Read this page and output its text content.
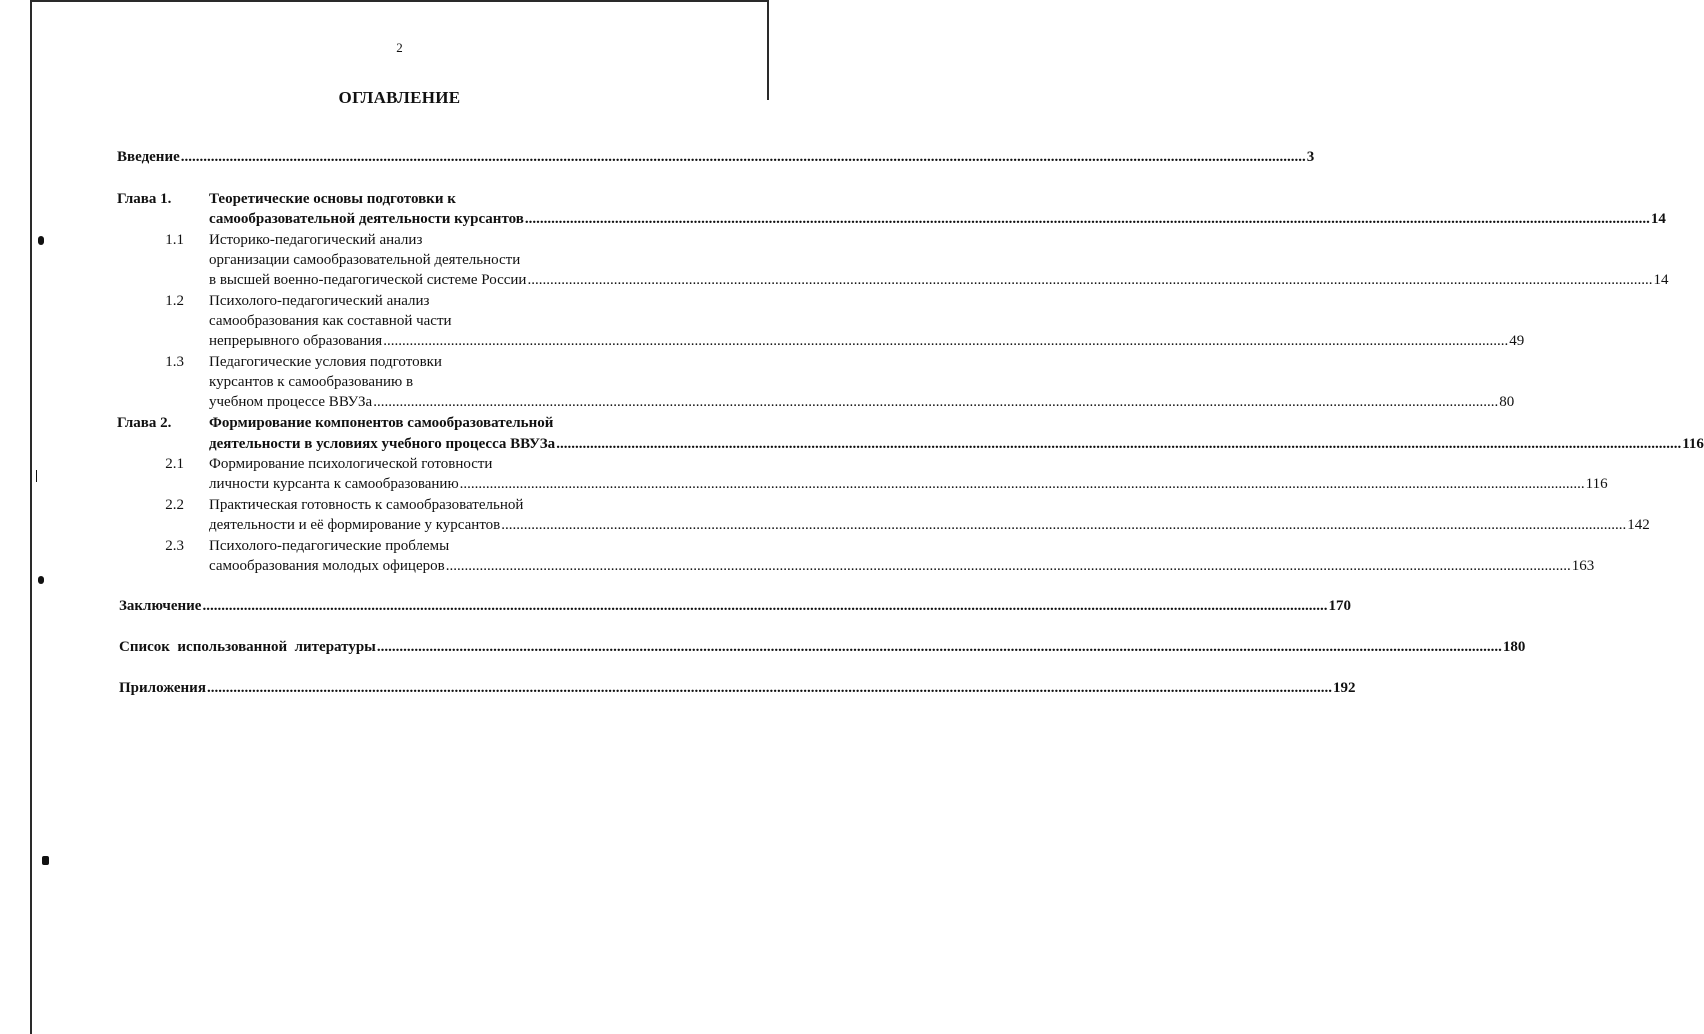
2
ОГЛАВЛЕНИЕ
Введение ............................................................................................................................................................................................................................................................................................................ 3
Глава 1.	Теоретические основы подготовки к
самообразовательной деятельности курсантов ............................................................................................................................................................................................................................................................................................................ 14
1.1 Историко-педагогический анализ
организации самообразовательной деятельности
в высшей военно-педагогической системе России ............................................................................................................................................................................................................................................................................................................ 14
1.2 Психолого-педагогический анализ
самообразования как составной части
непрерывного образования ............................................................................................................................................................................................................................................................................................................ 49
1.3 Педагогические условия подготовки
курсантов к самообразованию в
учебном процессе ВВУЗа ............................................................................................................................................................................................................................................................................................................ 80
Глава 2.	Формирование компонентов самообразовательной
деятельности в условиях учебного процесса ВВУЗа ............................................................................................................................................................................................................................................................................................................ 116
2.1 Формирование психологической готовности
личности курсанта к самообразованию ............................................................................................................................................................................................................................................................................................................ 116
2.2 Практическая готовность к самообразовательной
деятельности и её формирование у курсантов ............................................................................................................................................................................................................................................................................................................ 142
2.3 Психолого-педагогические проблемы
самообразования молодых офицеров ............................................................................................................................................................................................................................................................................................................ 163
Заключение ............................................................................................................................................................................................................................................................................................................ 170
Список  использованной  литературы ............................................................................................................................................................................................................................................................................................................ 180
Приложения ............................................................................................................................................................................................................................................................................................................ 192
